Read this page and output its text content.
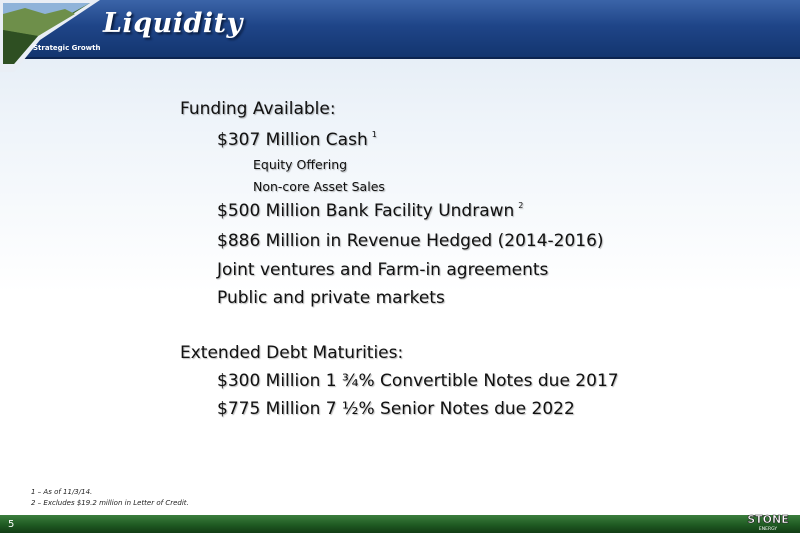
Liquidity
Strategic Growth
Funding Available:
$307 Million Cash $^1$
Equity Offering
Non-core Asset Sales
$500 Million Bank Facility Undrawn $^2$
$886 Million in Revenue Hedged (2014-2016)
Joint ventures and Farm-in agreements
Public and private markets
Extended Debt Maturities:
$300 Million 1 ¾% Convertible Notes due 2017
$775 Million 7 ½% Senior Notes due 2022
1 – As of 11/3/14.
2 – Excludes $19.2 million in Letter of Credit.
5	STONE
ENERGY
